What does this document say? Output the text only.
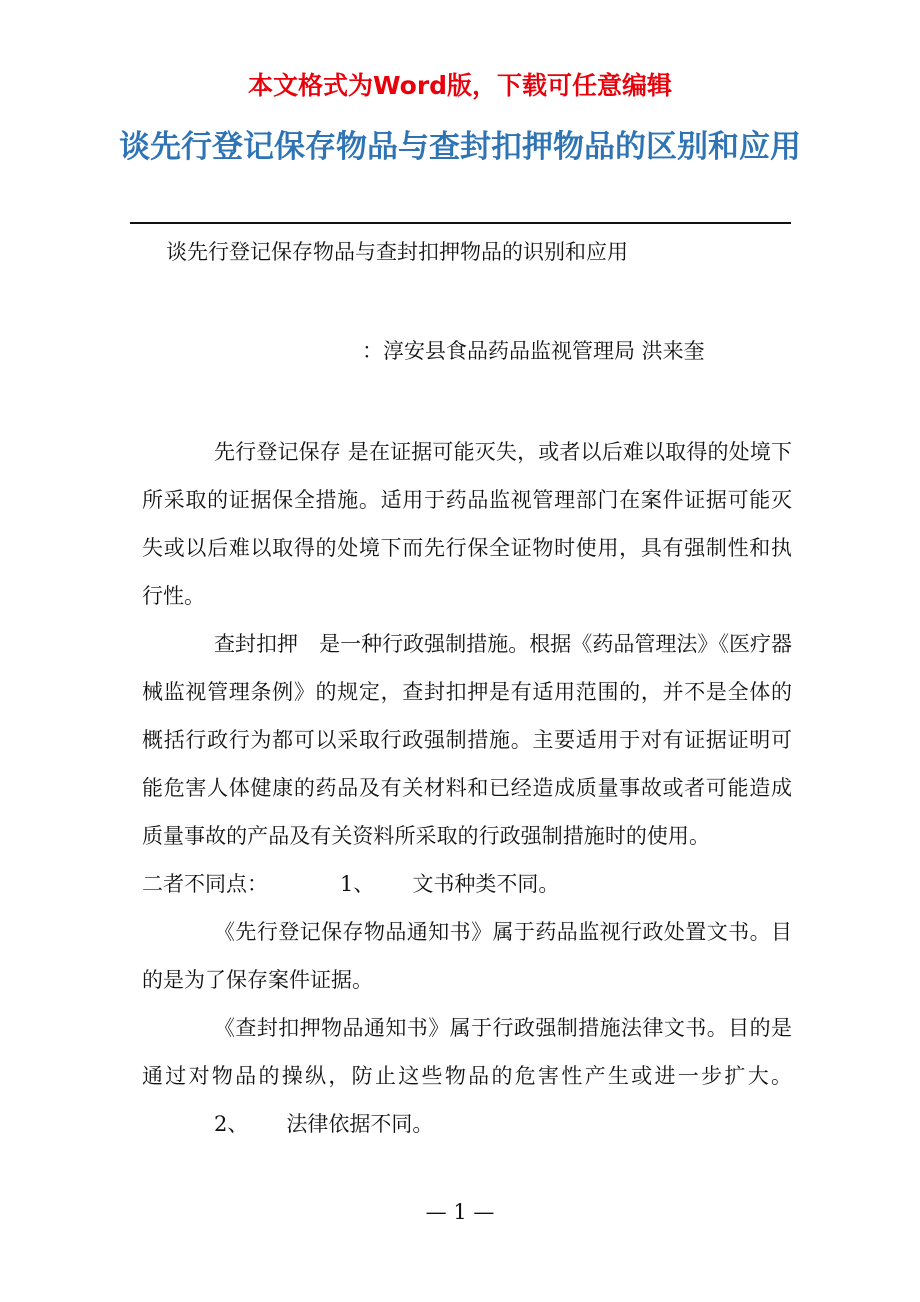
本文格式为Word版，下载可任意编辑
谈先行登记保存物品与查封扣押物品的区别和应用
谈先行登记保存物品与查封扣押物品的识别和应用
：淳安县食品药品监视管理局 洪来奎

先行登记保存 是在证据可能灭失，或者以后难以取得的处境下所采取的证据保全措施。适用于药品监视管理部门在案件证据可能灭失或以后难以取得的处境下而先行保全证物时使用，具有强制性和执行性。

查封扣押　是一种行政强制措施。根据《药品管理法》《医疗器械监视管理条例》的规定，查封扣押是有适用范围的，并不是全体的概括行政行为都可以采取行政强制措施。主要适用于对有证据证明可能危害人体健康的药品及有关材料和已经造成质量事故或者可能造成质量事故的产品及有关资料所采取的行政强制措施时的使用。二者不同点：	1、 文书种类不同。

《先行登记保存物品通知书》属于药品监视行政处置文书。目的是为了保存案件证据。

《查封扣押物品通知书》属于行政强制措施法律文书。目的是通过对物品的操纵，防止这些物品的危害性产生或进一步扩大。2、 法律依据不同。

— 1 —
